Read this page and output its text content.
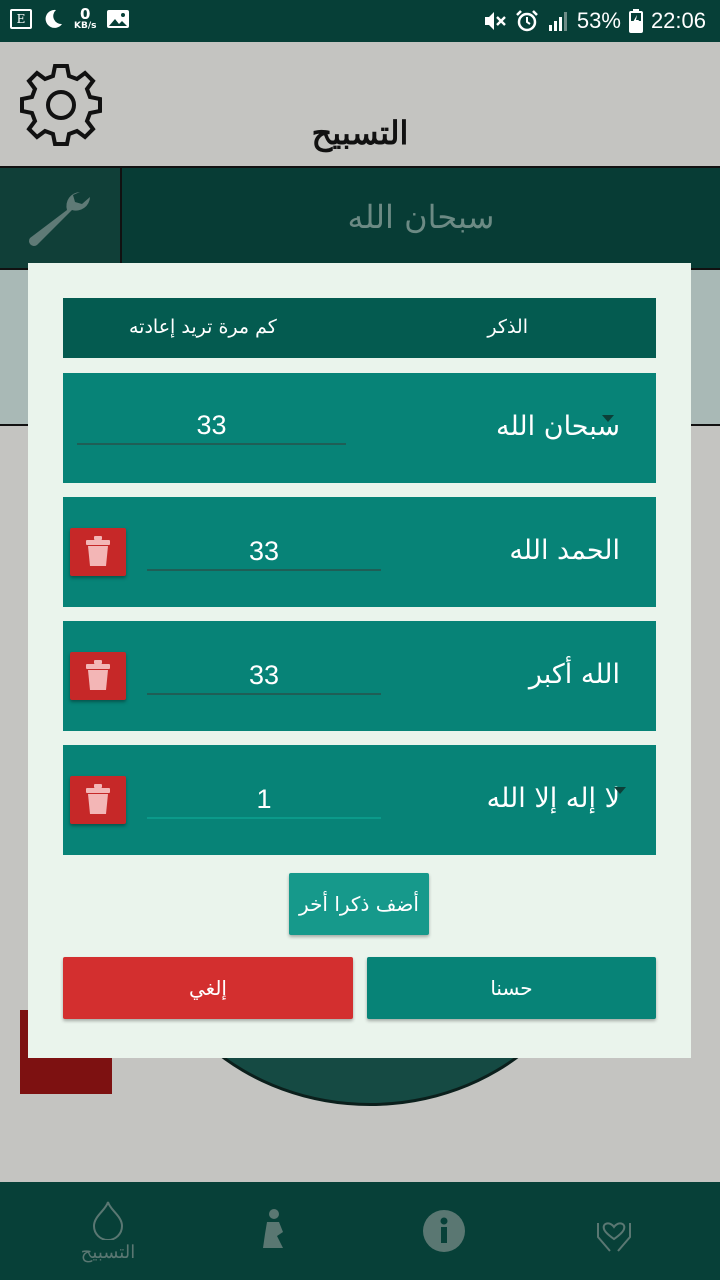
E	0
KB/s	53% 22:06
التسبيح
سبحان الله
التسبيح
الذكر
كم مرة تريد إعادته
سبحان الله
33
الحمد الله
33
الله أكبر
33
لا إله إلا الله
1
أضف ذكرا أخر
حسنا
إلغي
